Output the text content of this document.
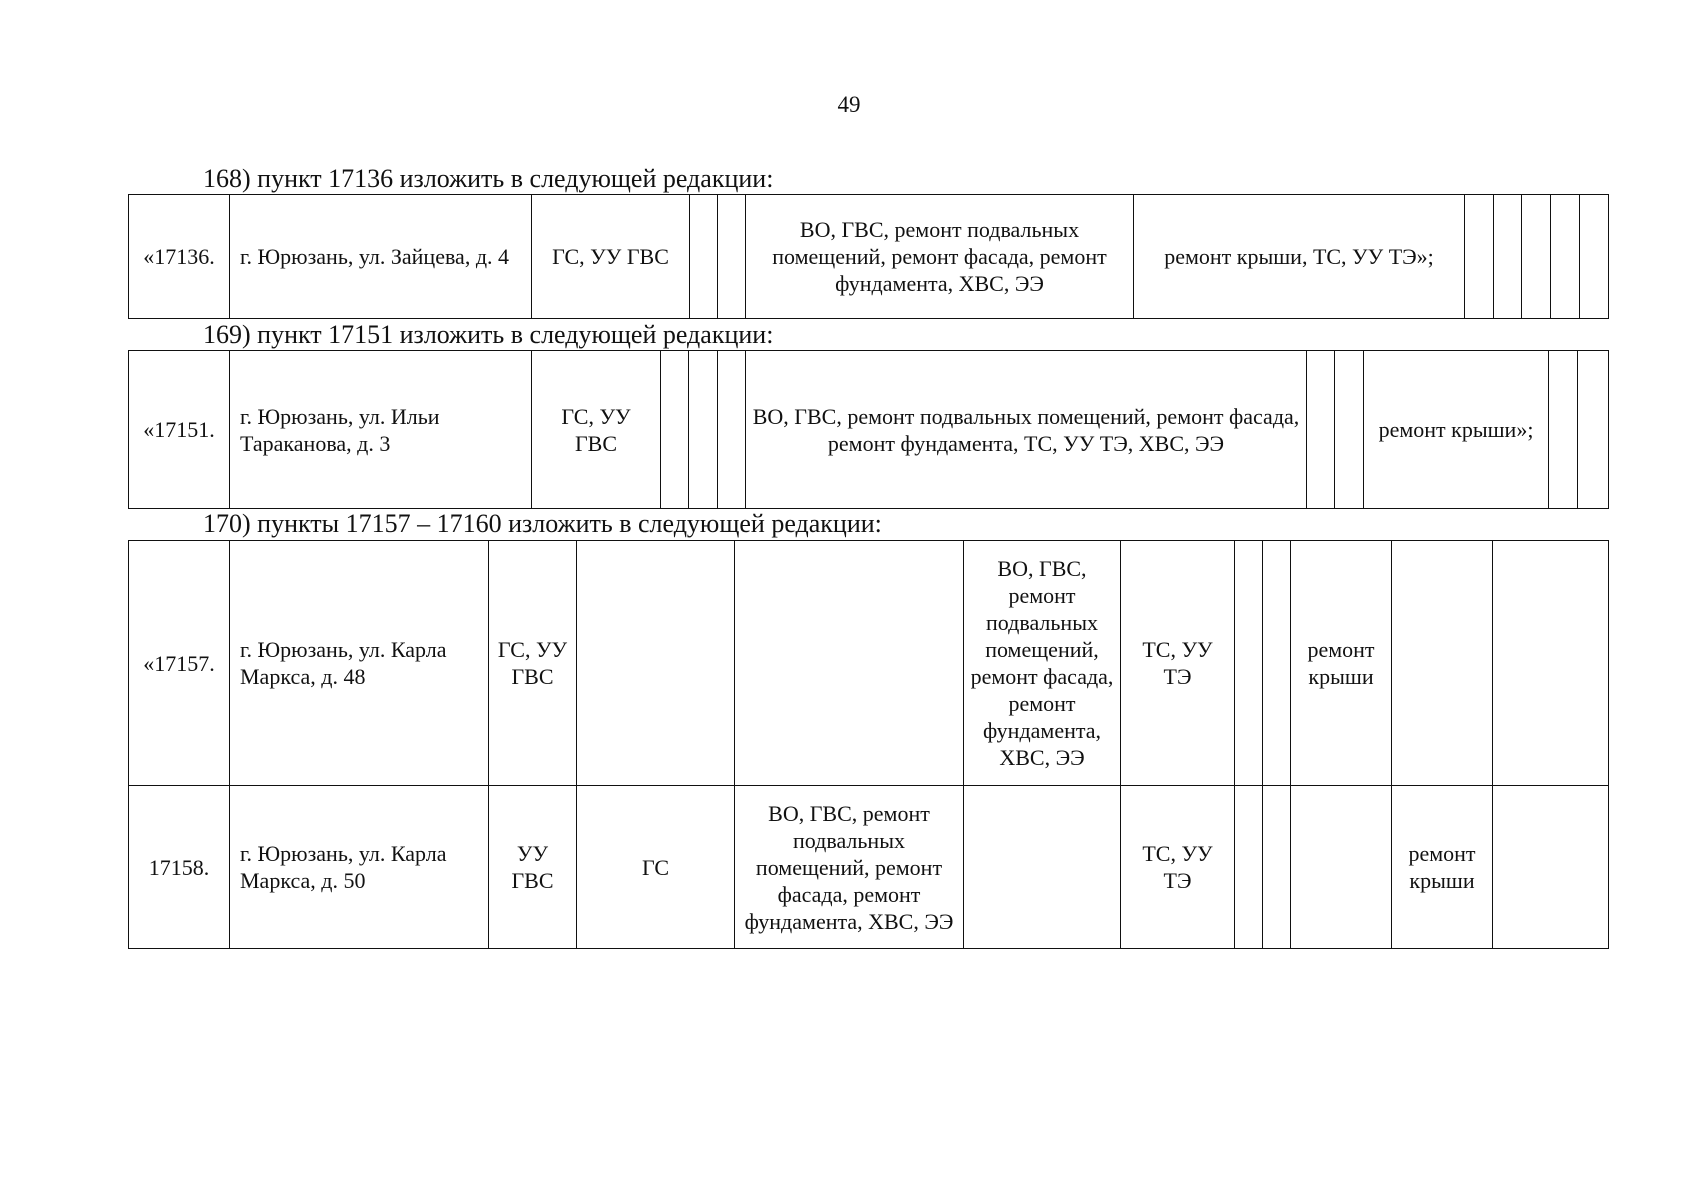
49
168) пункт 17136 изложить в следующей редакции:
«17136.	г. Юрюзань, ул. Зайцева, д. 4	ГС, УУ ГВС			ВО, ГВС, ремонт подвальных помещений, ремонт фасада, ремонт фундамента, ХВС, ЭЭ	ремонт крыши, ТС, УУ ТЭ»;					
169) пункт 17151 изложить в следующей редакции:
«17151.	г. Юрюзань, ул. Ильи Тараканова, д. 3	ГС, УУ ГВС				ВО, ГВС, ремонт подвальных помещений, ремонт фасада, ремонт фундамента, ТС, УУ ТЭ, ХВС, ЭЭ			ремонт крыши»;		
170) пункты 17157 – 17160 изложить в следующей редакции:
«17157.	г. Юрюзань, ул. Карла Маркса, д. 48	ГС, УУ ГВС			ВО, ГВС, ремонт подвальных помещений, ремонт фасада, ремонт фундамента, ХВС, ЭЭ	ТС, УУ ТЭ			ремонт крыши		
17158.	г. Юрюзань, ул. Карла Маркса, д. 50	УУ ГВС	ГС	ВО, ГВС, ремонт подвальных помещений, ремонт фасада, ремонт фундамента, ХВС, ЭЭ		ТС, УУ ТЭ				ремонт крыши	
